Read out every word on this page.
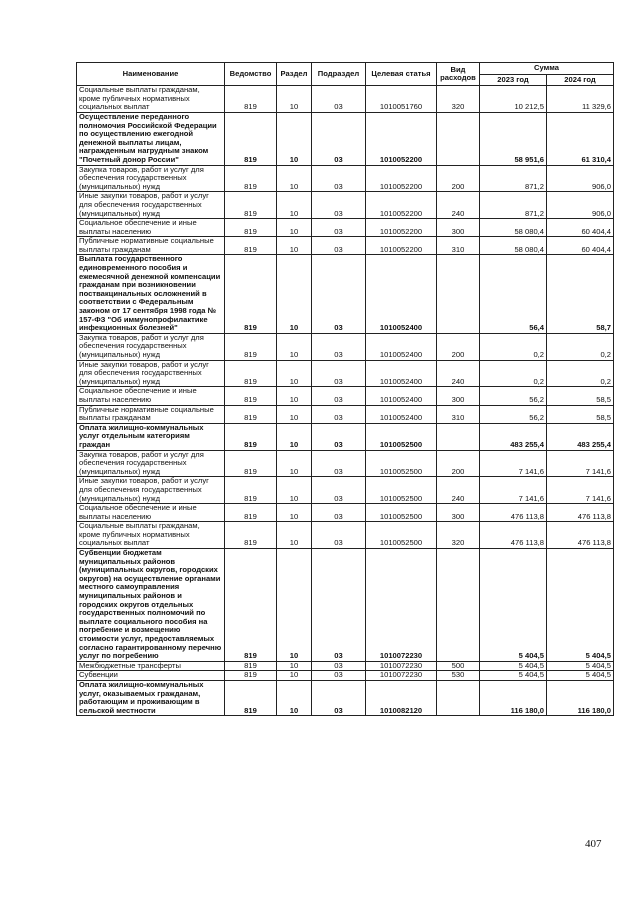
Наименование	Ведомство	Раздел	Подраздел	Целевая статья	Вид расходов	Сумма	
						2023 год	2024 год
Социальные выплаты гражданам, кроме публичных нормативных социальных выплат	819	10	03	1010051760	320	10 212,5	11 329,6
Осуществление переданного полномочия Российской Федерации по осуществлению ежегодной денежной выплаты лицам, награжденным нагрудным знаком "Почетный донор России"	819	10	03	1010052200		58 951,6	61 310,4
Закупка товаров, работ и услуг для обеспечения государственных (муниципальных) нужд	819	10	03	1010052200	200	871,2	906,0
Иные закупки товаров, работ и услуг для обеспечения государственных (муниципальных) нужд	819	10	03	1010052200	240	871,2	906,0
Социальное обеспечение и иные выплаты населению	819	10	03	1010052200	300	58 080,4	60 404,4
Публичные нормативные социальные выплаты гражданам	819	10	03	1010052200	310	58 080,4	60 404,4
Выплата государственного единовременного пособия и ежемесячной денежной компенсации гражданам при возникновении поствакцинальных осложнений в соответствии с Федеральным законом от 17 сентября 1998 года № 157-ФЗ "Об иммунопрофилактике инфекционных болезней"	819	10	03	1010052400		56,4	58,7
Закупка товаров, работ и услуг для обеспечения государственных (муниципальных) нужд	819	10	03	1010052400	200	0,2	0,2
Иные закупки товаров, работ и услуг для обеспечения государственных (муниципальных) нужд	819	10	03	1010052400	240	0,2	0,2
Социальное обеспечение и иные выплаты населению	819	10	03	1010052400	300	56,2	58,5
Публичные нормативные социальные выплаты гражданам	819	10	03	1010052400	310	56,2	58,5
Оплата жилищно-коммунальных услуг отдельным категориям граждан	819	10	03	1010052500		483 255,4	483 255,4
Закупка товаров, работ и услуг для обеспечения государственных (муниципальных) нужд	819	10	03	1010052500	200	7 141,6	7 141,6
Иные закупки товаров, работ и услуг для обеспечения государственных (муниципальных) нужд	819	10	03	1010052500	240	7 141,6	7 141,6
Социальное обеспечение и иные выплаты населению	819	10	03	1010052500	300	476 113,8	476 113,8
Социальные выплаты гражданам, кроме публичных нормативных социальных выплат	819	10	03	1010052500	320	476 113,8	476 113,8
Субвенции бюджетам муниципальных районов (муниципальных округов, городских округов) на осуществление органами местного самоуправления муниципальных районов и городских округов отдельных государственных полномочий по выплате социального пособия на погребение и возмещению стоимости услуг, предоставляемых согласно гарантированному перечню услуг по погребению	819	10	03	1010072230		5 404,5	5 404,5
Межбюджетные трансферты	819	10	03	1010072230	500	5 404,5	5 404,5
Субвенции	819	10	03	1010072230	530	5 404,5	5 404,5
Оплата жилищно-коммунальных услуг, оказываемых гражданам, работающим и проживающим в сельской местности	819	10	03	1010082120		116 180,0	116 180,0
407
